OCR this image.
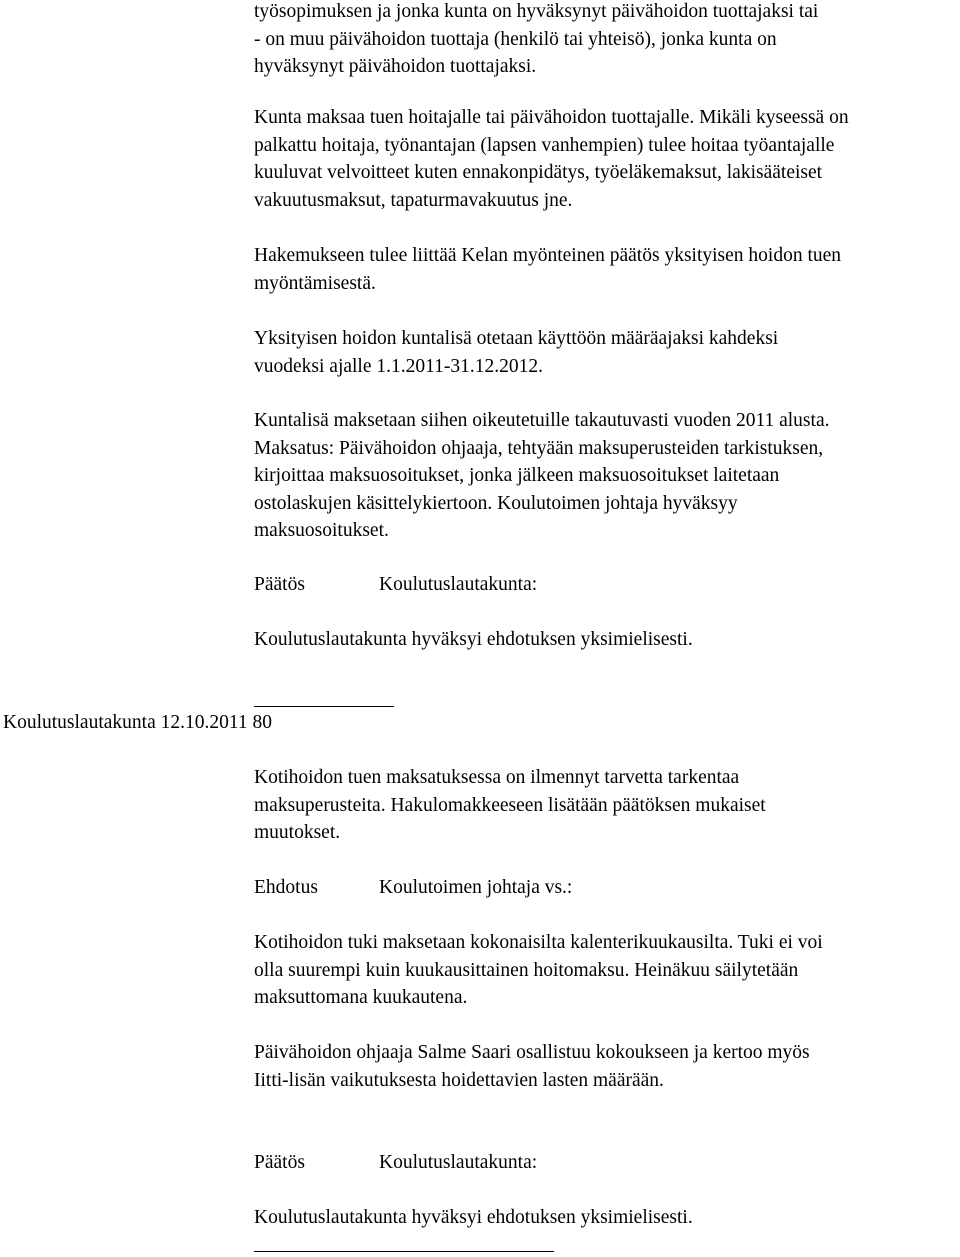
työsopimuksen ja jonka kunta on hyväksynyt päivähoidon tuottajaksi tai
- on muu päivähoidon tuottaja (henkilö tai yhteisö), jonka kunta on
hyväksynyt päivähoidon tuottajaksi.
Kunta maksaa tuen hoitajalle tai päivähoidon tuottajalle. Mikäli kyseessä on
palkattu hoitaja, työnantajan (lapsen vanhempien) tulee hoitaa työantajalle
kuuluvat velvoitteet kuten ennakonpidätys, työeläkemaksut, lakisääteiset
vakuutusmaksut, tapaturmavakuutus jne.
Hakemukseen tulee liittää Kelan myönteinen päätös yksityisen hoidon tuen
myöntämisestä.
Yksityisen hoidon kuntalisä otetaan käyttöön määräajaksi kahdeksi
vuodeksi ajalle 1.1.2011-31.12.2012.
Kuntalisä maksetaan siihen oikeutetuille takautuvasti vuoden 2011 alusta.
Maksatus: Päivähoidon ohjaaja, tehtyään maksuperusteiden tarkistuksen,
kirjoittaa maksuosoitukset, jonka jälkeen maksuosoitukset laitetaan
ostolaskujen käsittelykiertoon. Koulutoimen johtaja hyväksyy
maksuosoitukset.
Päätös	Koulutuslautakunta:
Koulutuslautakunta hyväksyi ehdotuksen yksimielisesti.
Koulutuslautakunta 12.10.2011 80
Kotihoidon tuen maksatuksessa on ilmennyt tarvetta tarkentaa
maksuperusteita. Hakulomakkeeseen lisätään päätöksen mukaiset
muutokset.
Ehdotus	Koulutoimen johtaja vs.:
Kotihoidon tuki maksetaan kokonaisilta kalenterikuukausilta. Tuki ei voi
olla suurempi kuin kuukausittainen hoitomaksu. Heinäkuu säilytetään
maksuttomana kuukautena.
Päivähoidon ohjaaja Salme Saari osallistuu kokoukseen ja kertoo myös
Iitti-lisän vaikutuksesta hoidettavien lasten määrään.
Päätös	Koulutuslautakunta:
Koulutuslautakunta hyväksyi ehdotuksen yksimielisesti.
